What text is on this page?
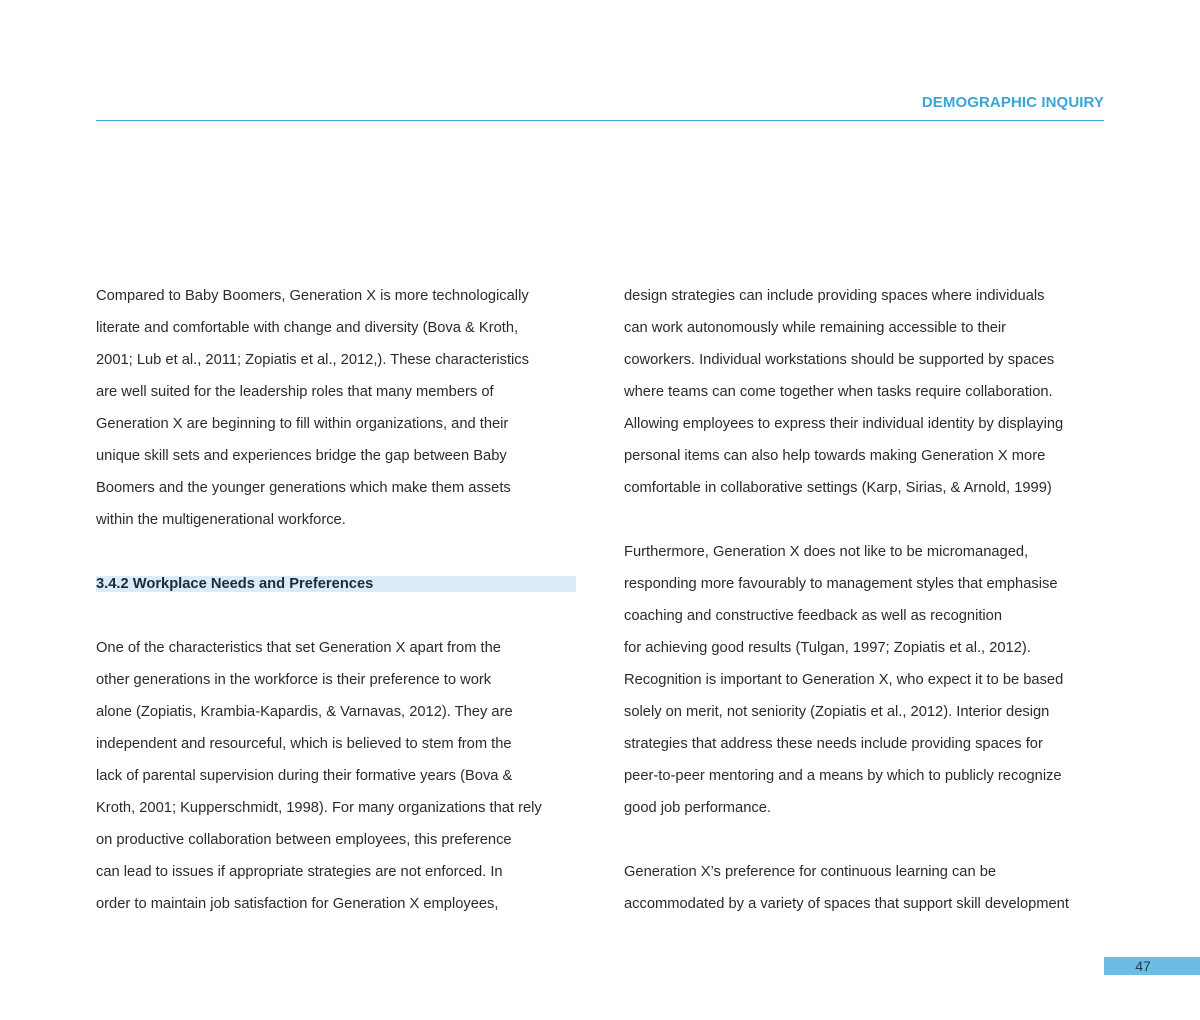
DEMOGRAPHIC INQUIRY
Compared to Baby Boomers, Generation X is more technologically
literate and comfortable with change and diversity (Bova & Kroth,
2001; Lub et al., 2011; Zopiatis et al., 2012,). These characteristics
are well suited for the leadership roles that many members of
Generation X are beginning to fill within organizations, and their
unique skill sets and experiences bridge the gap between Baby
Boomers and the younger generations which make them assets
within the multigenerational workforce.
3.4.2 Workplace Needs and Preferences
One of the characteristics that set Generation X apart from the
other generations in the workforce is their preference to work
alone (Zopiatis, Krambia-Kapardis, & Varnavas, 2012). They are
independent and resourceful, which is believed to stem from the
lack of parental supervision during their formative years (Bova &
Kroth, 2001; Kupperschmidt, 1998). For many organizations that rely
on productive collaboration between employees, this preference
can lead to issues if appropriate strategies are not enforced. In
order to maintain job satisfaction for Generation X employees,
design strategies can include providing spaces where individuals
can work autonomously while remaining accessible to their
coworkers. Individual workstations should be supported by spaces
where teams can come together when tasks require collaboration.
Allowing employees to express their individual identity by displaying
personal items can also help towards making Generation X more
comfortable in collaborative settings (Karp, Sirias, & Arnold, 1999)
Furthermore, Generation X does not like to be micromanaged,
responding more favourably to management styles that emphasise
coaching and constructive feedback as well as recognition
for achieving good results (Tulgan, 1997; Zopiatis et al., 2012).
Recognition is important to Generation X, who expect it to be based
solely on merit, not seniority (Zopiatis et al., 2012). Interior design
strategies that address these needs include providing spaces for
peer-to-peer mentoring and a means by which to publicly recognize
good job performance.
Generation X’s preference for continuous learning can be
accommodated by a variety of spaces that support skill development
47
